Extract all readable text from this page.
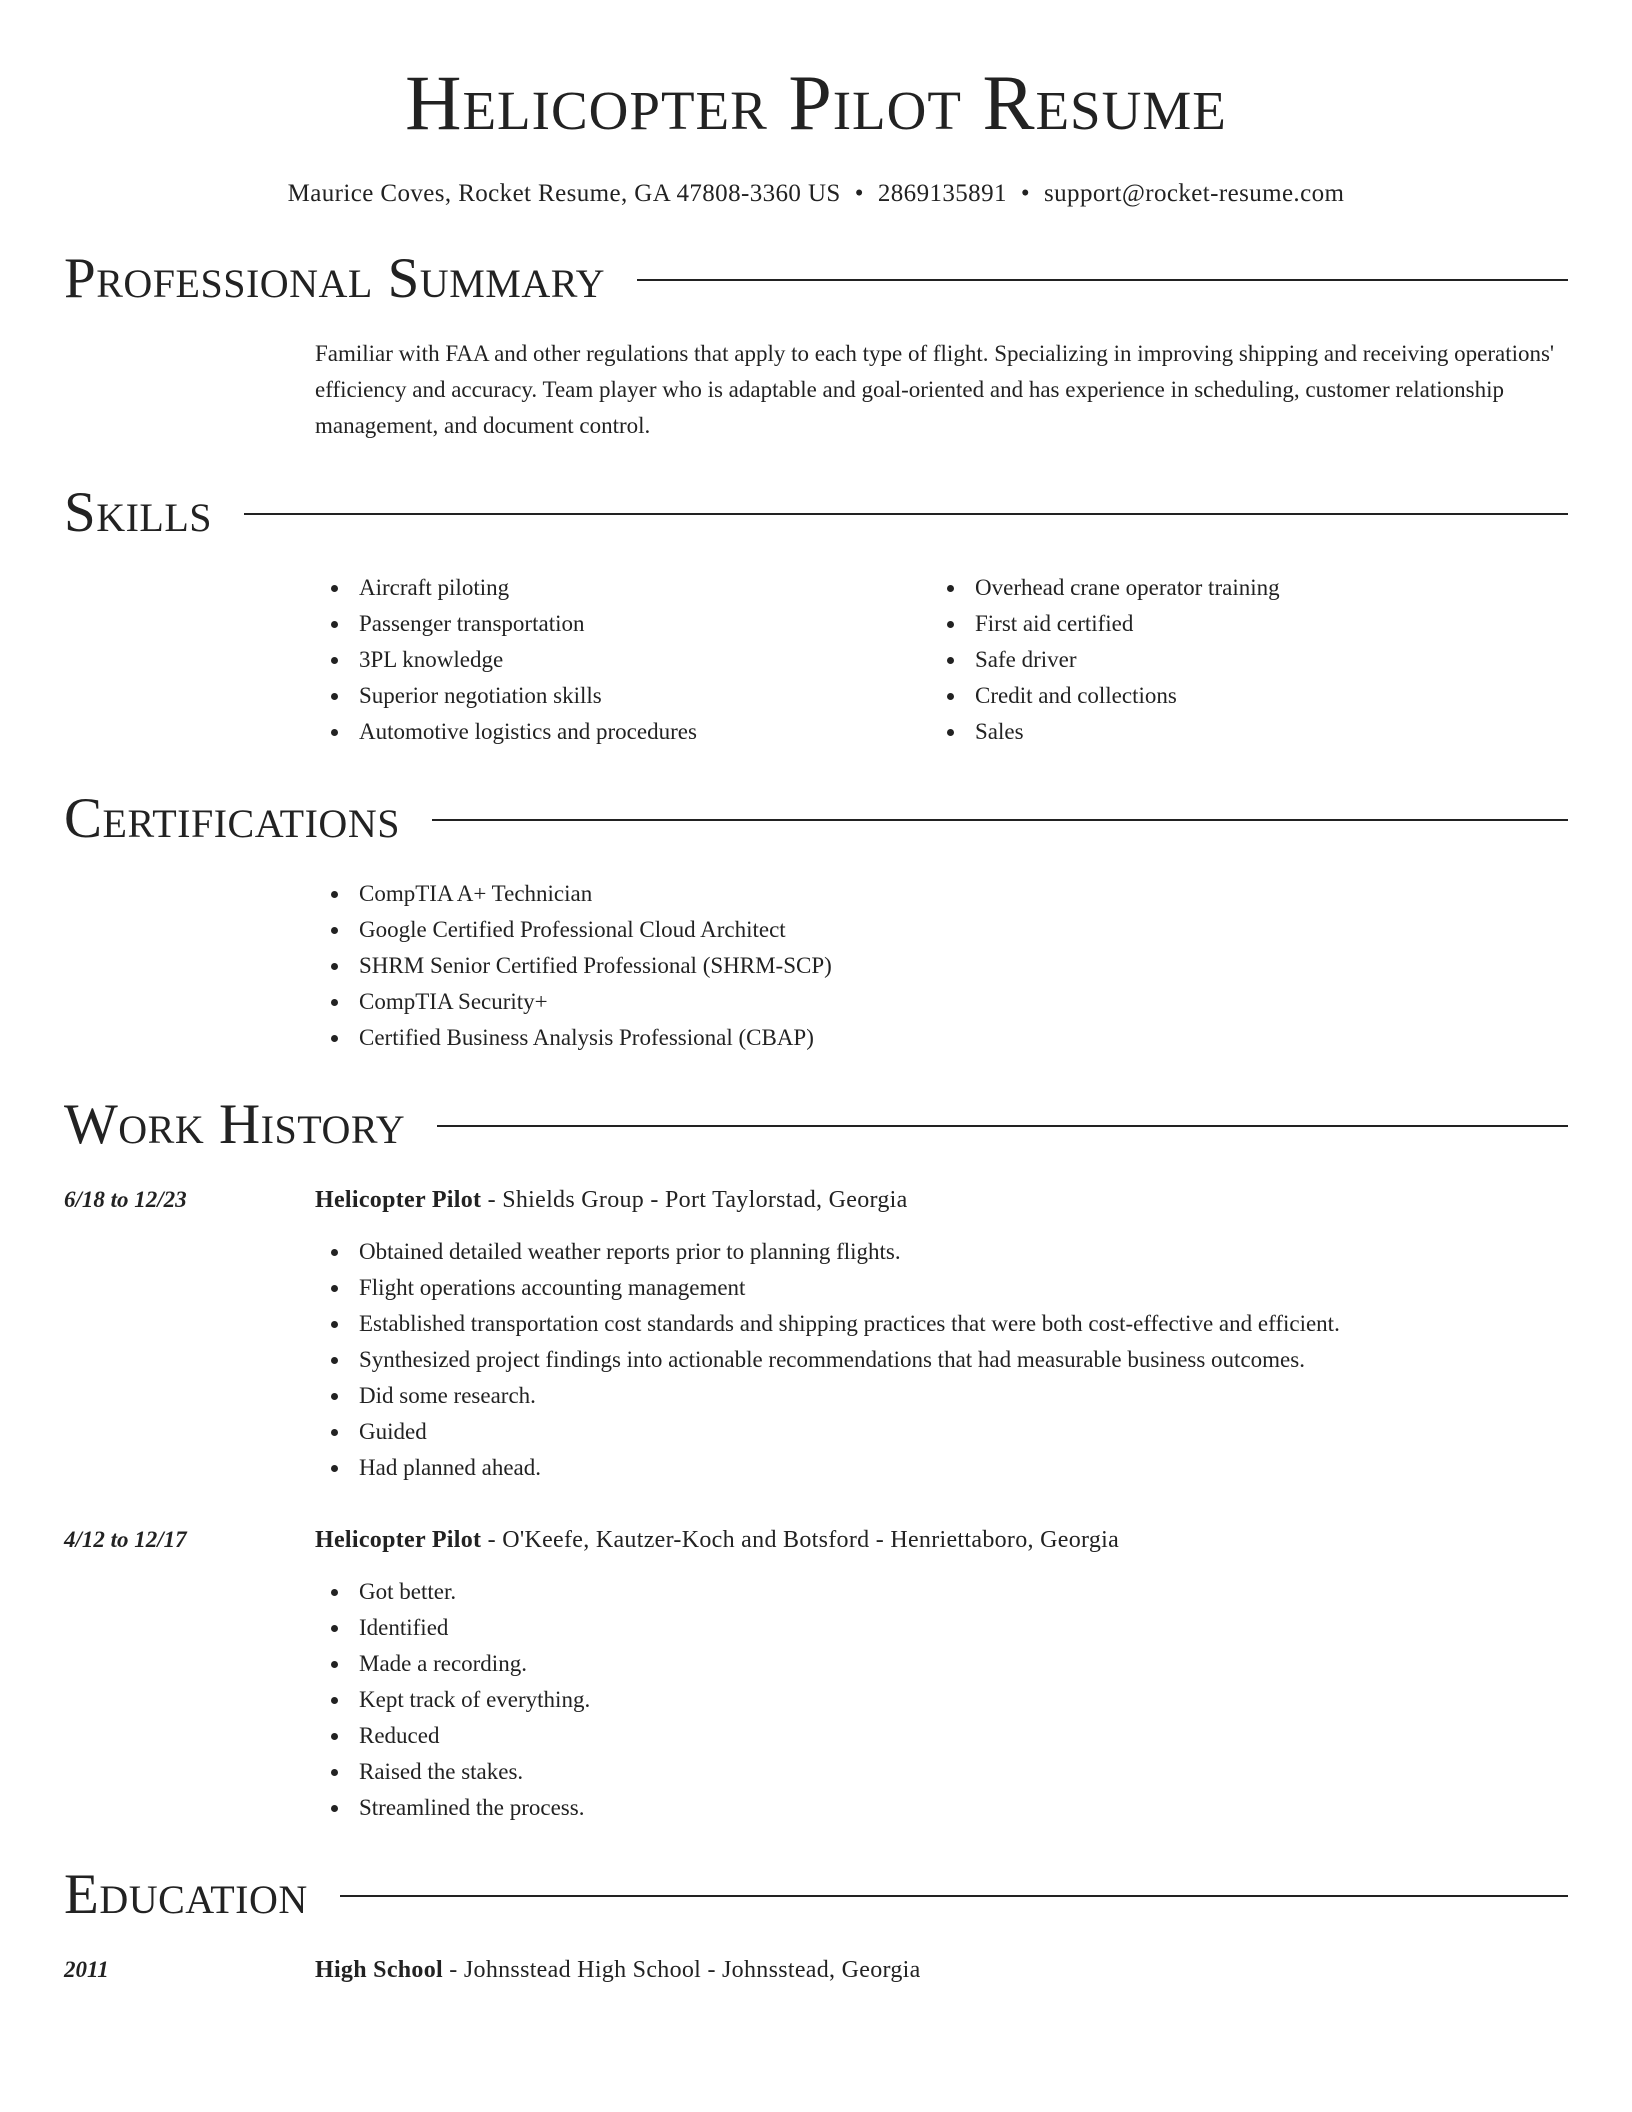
Helicopter Pilot Resume
Maurice Coves, Rocket Resume, GA 47808-3360 US • 2869135891 • support@rocket-resume.com
Professional Summary

Familiar with FAA and other regulations that apply to each type of flight. Specializing in improving shipping and receiving operations' efficiency and accuracy. Team player who is adaptable and goal-oriented and has experience in scheduling, customer relationship management, and document control.

Skills
Aircraft piloting
Passenger transportation
3PL knowledge
Superior negotiation skills
Automotive logistics and procedures
Overhead crane operator training
First aid certified
Safe driver
Credit and collections
Sales
Certifications
CompTIA A+ Technician
Google Certified Professional Cloud Architect
SHRM Senior Certified Professional (SHRM-SCP)
CompTIA Security+
Certified Business Analysis Professional (CBAP)
Work History
6/18 to 12/23	Helicopter Pilot - Shields Group - Port Taylorstad, Georgia
Obtained detailed weather reports prior to planning flights.
Flight operations accounting management
Established transportation cost standards and shipping practices that were both cost-effective and efficient.
Synthesized project findings into actionable recommendations that had measurable business outcomes.
Did some research.
Guided
Had planned ahead.
4/12 to 12/17	Helicopter Pilot - O'Keefe, Kautzer-Koch and Botsford - Henriettaboro, Georgia
Got better.
Identified
Made a recording.
Kept track of everything.
Reduced
Raised the stakes.
Streamlined the process.
Education
2011	High School - Johnsstead High School - Johnsstead, Georgia
